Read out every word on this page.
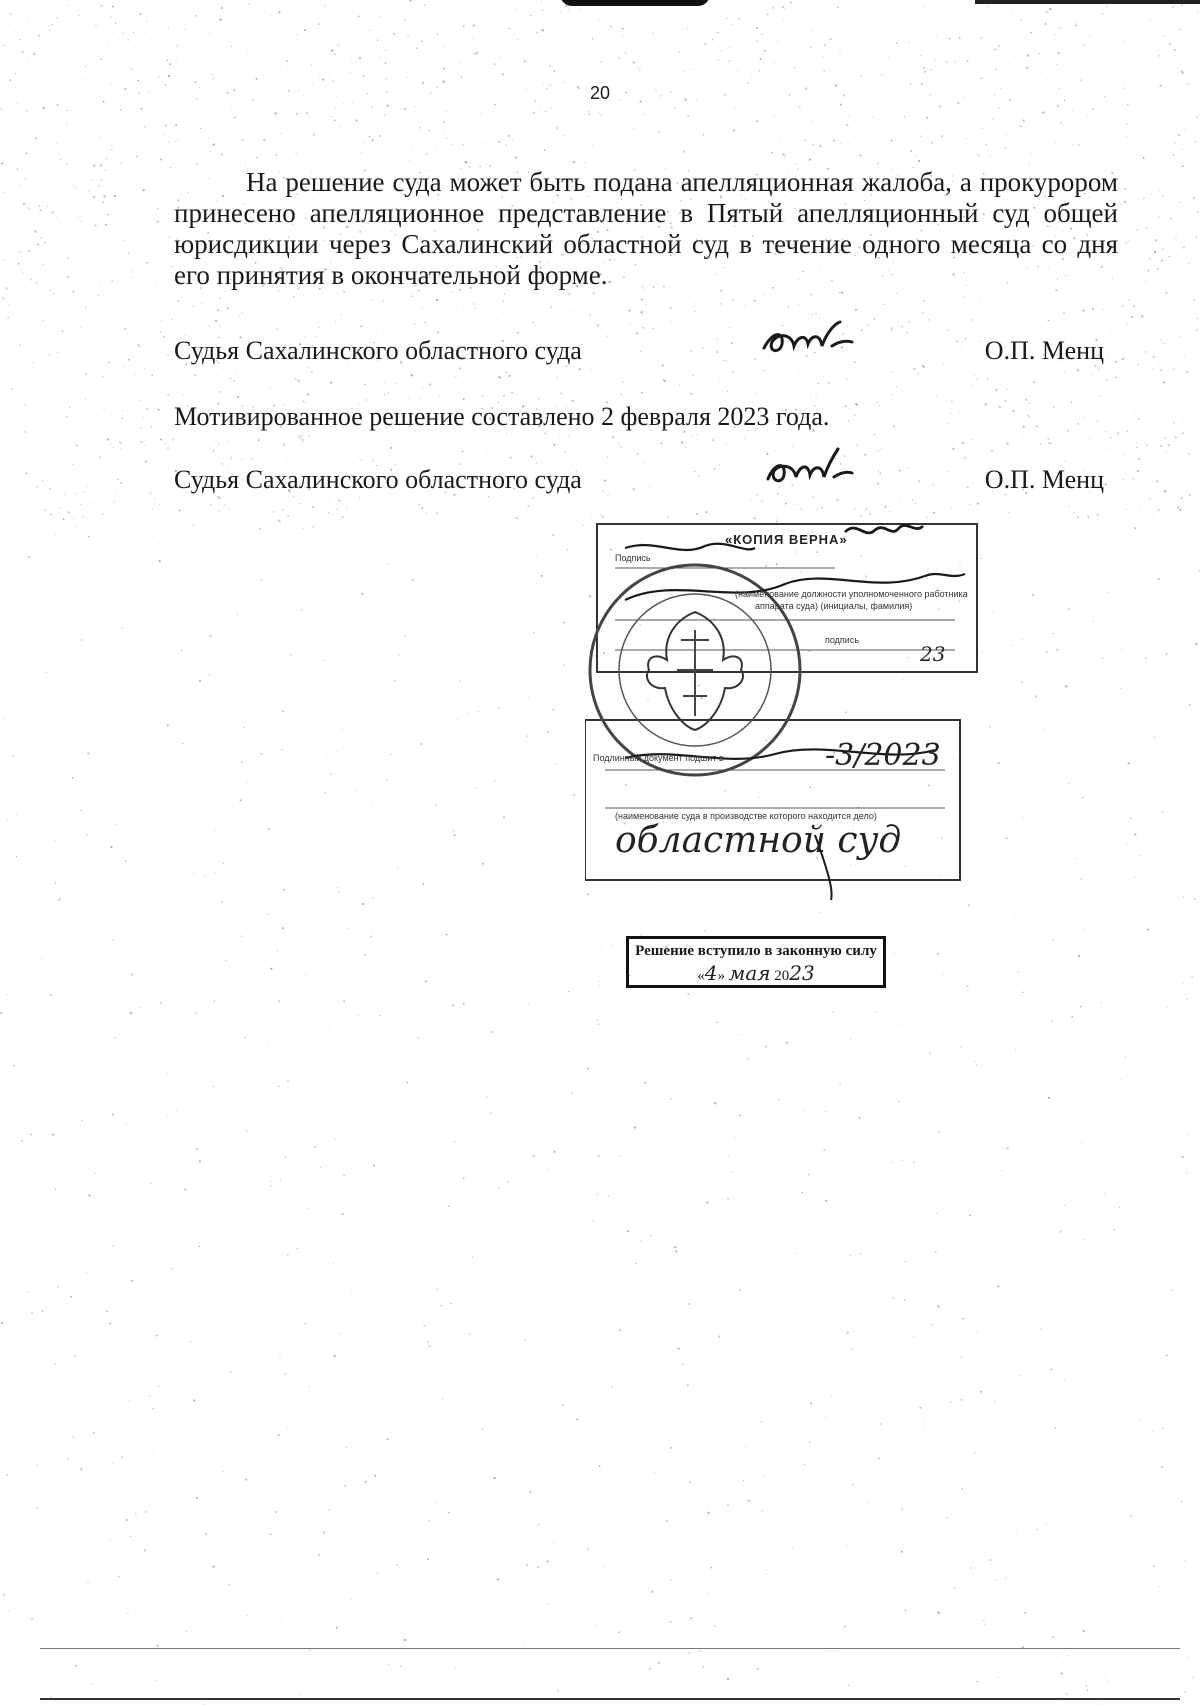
20
На решение суда может быть подана апелляционная жалоба, а прокурором принесено апелляционное представление в Пятый апелляционный суд общей юрисдикции через Сахалинский областной суд в течение одного месяца со дня его принятия в окончательной форме.
Судья Сахалинского областного суда	О.П. Менц
Мотивированное решение составлено 2 февраля 2023 года.
Судья Сахалинского областного суда	О.П. Менц
«КОПИЯ ВЕРНА»
Подпись
(наименование должности уполномоченного работника
аппарата суда) (инициалы, фамилия)
подпись
Подлинный документ подшит в
(наименование суда в производстве которого находится дело)
23
-3/2023
областной суд
Решение вступило в законную силу
«4» мая 2023
